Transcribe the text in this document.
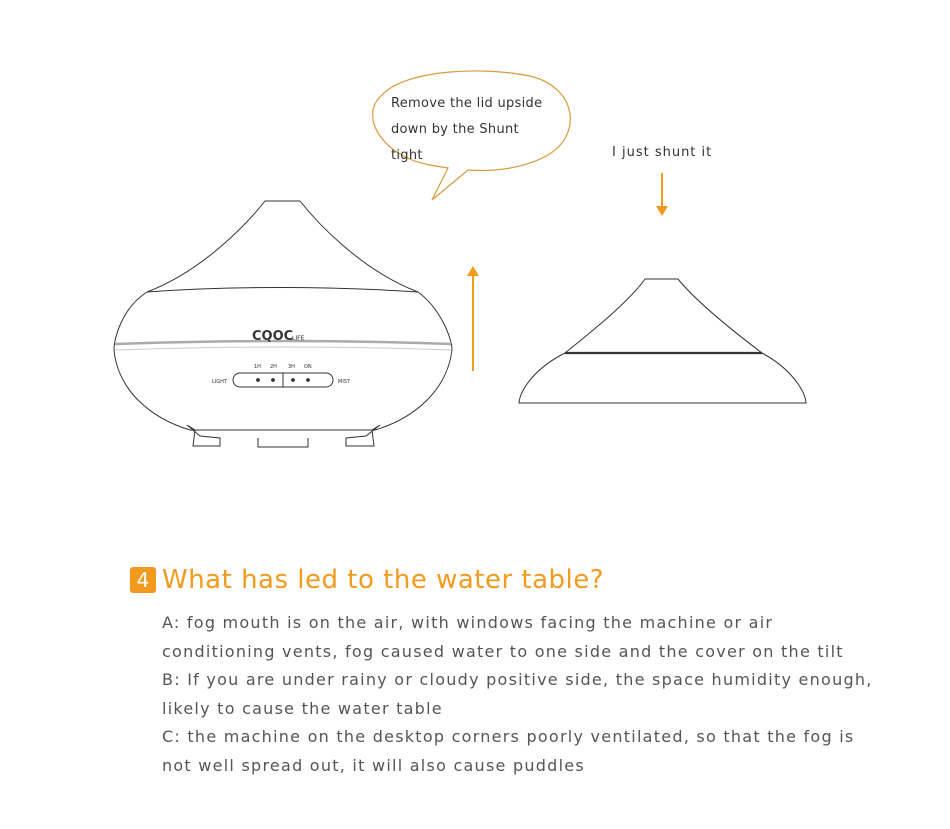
CQOC
LIFE
1H 2H 3H ON
LIGHT	MIST
Remove the lid upside
down by the Shunt
tight	I just shunt it
4 What has led to the water table?
A: fog mouth is on the air, with windows facing the machine or air
conditioning vents, fog caused water to one side and the cover on the tilt
B: If you are under rainy or cloudy positive side, the space humidity enough,
likely to cause the water table
C: the machine on the desktop corners poorly ventilated, so that the fog is
not well spread out, it will also cause puddles
